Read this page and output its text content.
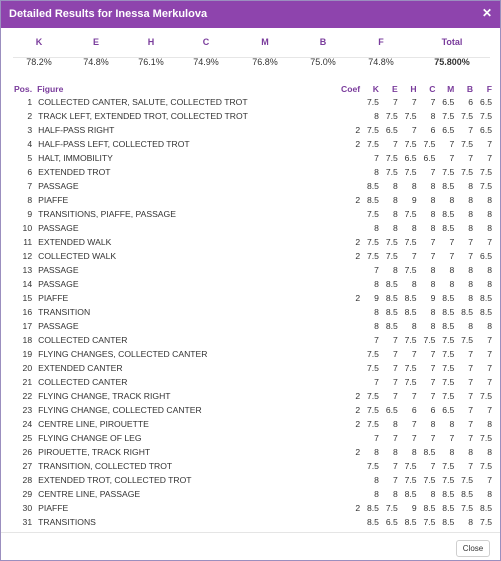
Detailed Results for Inessa Merkulova	✕
K	E	H	C	M	B	F	Total
78.2%	74.8%	76.1%	74.9%	76.8%	75.0%	74.8%	75.800%
Pos.	Figure	Coef	K	E	H	C	M	B	F
1	COLLECTED CANTER, SALUTE, COLLECTED TROT		7.5	7	7	7	6.5	6	6.5
2	TRACK LEFT, EXTENDED TROT, COLLECTED TROT		8	7.5	7.5	8	7.5	7.5	7.5
3	HALF-PASS RIGHT	2	7.5	6.5	7	6	6.5	7	6.5
4	HALF-PASS LEFT, COLLECTED TROT	2	7.5	7	7.5	7.5	7	7.5	7
5	HALT, IMMOBILITY		7	7.5	6.5	6.5	7	7	7
6	EXTENDED TROT		8	7.5	7.5	7	7.5	7.5	7.5
7	PASSAGE		8.5	8	8	8	8.5	8	7.5
8	PIAFFE	2	8.5	8	9	8	8	8	8
9	TRANSITIONS, PIAFFE, PASSAGE		7.5	8	7.5	8	8.5	8	8
10	PASSAGE		8	8	8	8	8.5	8	8
11	EXTENDED WALK	2	7.5	7.5	7.5	7	7	7	7
12	COLLECTED WALK	2	7.5	7.5	7	7	7	7	6.5
13	PASSAGE		7	8	7.5	8	8	8	8
14	PASSAGE		8	8.5	8	8	8	8	8
15	PIAFFE	2	9	8.5	8.5	9	8.5	8	8.5
16	TRANSITION		8	8.5	8.5	8	8.5	8.5	8.5
17	PASSAGE		8	8.5	8	8	8.5	8	8
18	COLLECTED CANTER		7	7	7.5	7.5	7.5	7.5	7
19	FLYING CHANGES, COLLECTED CANTER		7.5	7	7	7	7.5	7	7
20	EXTENDED CANTER		7.5	7	7.5	7	7.5	7	7
21	COLLECTED CANTER		7	7	7.5	7	7.5	7	7
22	FLYING CHANGE, TRACK RIGHT	2	7.5	7	7	7	7.5	7	7.5
23	FLYING CHANGE, COLLECTED CANTER	2	7.5	6.5	6	6	6.5	7	7
24	CENTRE LINE, PIROUETTE	2	7.5	8	7	8	8	7	8
25	FLYING CHANGE OF LEG		7	7	7	7	7	7	7.5
26	PIROUETTE, TRACK RIGHT	2	8	8	8	8.5	8	8	8
27	TRANSITION, COLLECTED TROT		7.5	7	7.5	7	7.5	7	7.5
28	EXTENDED TROT, COLLECTED TROT		8	7	7.5	7.5	7.5	7.5	7
29	CENTRE LINE, PASSAGE		8	8	8.5	8	8.5	8.5	8
30	PIAFFE	2	8.5	7.5	9	8.5	8.5	7.5	8.5
31	TRANSITIONS		8.5	6.5	8.5	7.5	8.5	8	7.5
Close
